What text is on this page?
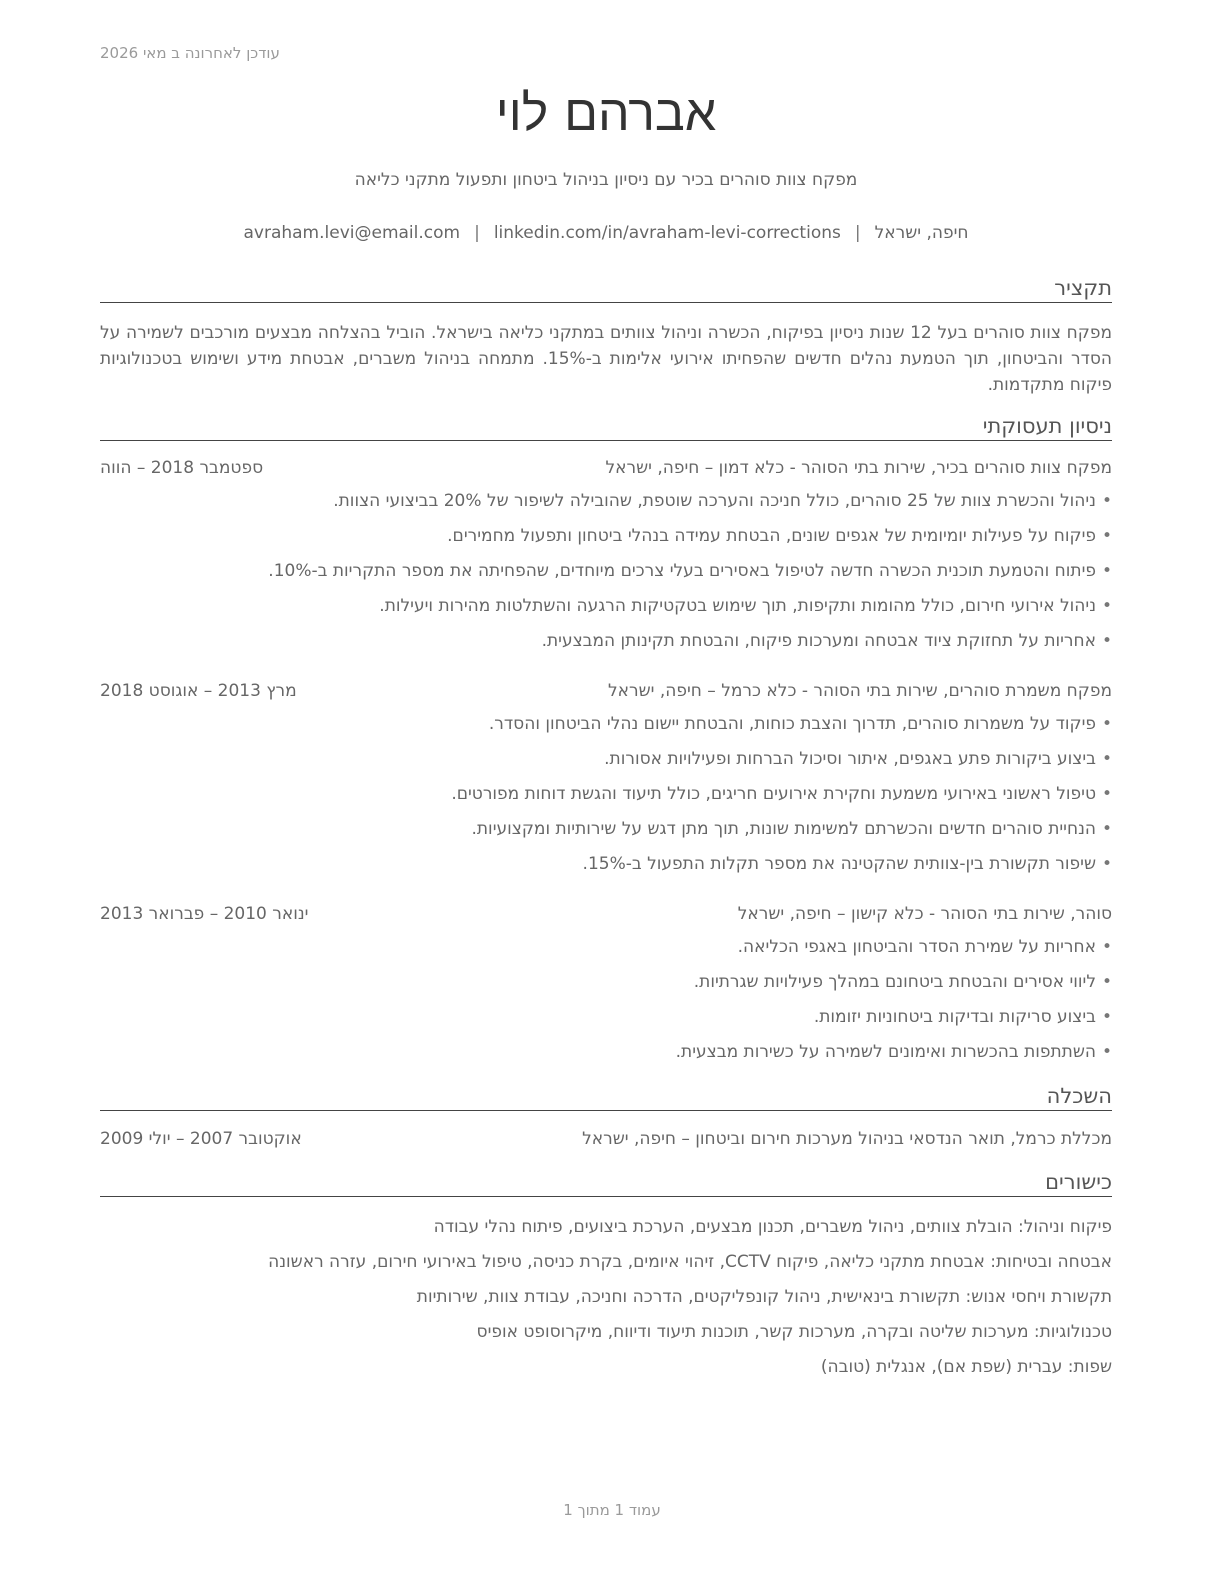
עודכן לאחרונה ב מאי 2026
אברהם לוי
מפקח צוות סוהרים בכיר עם ניסיון בניהול ביטחון ותפעול מתקני כליאה
חיפה, ישראל|avraham.levi@email.com | linkedin.com/in/avraham-levi-corrections
תקציר
מפקח צוות סוהרים בעל 12 שנות ניסיון בפיקוח, הכשרה וניהול צוותים במתקני כליאה בישראל. הוביל בהצלחה מבצעים מורכבים לשמירה על הסדר והביטחון, תוך הטמעת נהלים חדשים שהפחיתו אירועי אלימות ב-15%. מתמחה בניהול משברים, אבטחת מידע ושימוש בטכנולוגיות פיקוח מתקדמות.
ניסיון תעסוקתי
מפקח צוות סוהרים בכיר, שירות בתי הסוהר - כלא דמון – חיפה, ישראל
ספטמבר 2018 – הווה
• ניהול והכשרת צוות של 25 סוהרים, כולל חניכה והערכה שוטפת, שהובילה לשיפור של 20% בביצועי הצוות.
• פיקוח על פעילות יומיומית של אגפים שונים, הבטחת עמידה בנהלי ביטחון ותפעול מחמירים.
• פיתוח והטמעת תוכנית הכשרה חדשה לטיפול באסירים בעלי צרכים מיוחדים, שהפחיתה את מספר התקריות ב-10%.
• ניהול אירועי חירום, כולל מהומות ותקיפות, תוך שימוש בטקטיקות הרגעה והשתלטות מהירות ויעילות.
• אחריות על תחזוקת ציוד אבטחה ומערכות פיקוח, והבטחת תקינותן המבצעית.
מפקח משמרת סוהרים, שירות בתי הסוהר - כלא כרמל – חיפה, ישראל
מרץ 2013 – אוגוסט 2018
• פיקוד על משמרות סוהרים, תדרוך והצבת כוחות, והבטחת יישום נהלי הביטחון והסדר.
• ביצוע ביקורות פתע באגפים, איתור וסיכול הברחות ופעילויות אסורות.
• טיפול ראשוני באירועי משמעת וחקירת אירועים חריגים, כולל תיעוד והגשת דוחות מפורטים.
• הנחיית סוהרים חדשים והכשרתם למשימות שונות, תוך מתן דגש על שירותיות ומקצועיות.
• שיפור תקשורת בין-צוותית שהקטינה את מספר תקלות התפעול ב-15%.
סוהר, שירות בתי הסוהר - כלא קישון – חיפה, ישראל
ינואר 2010 – פברואר 2013
• אחריות על שמירת הסדר והביטחון באגפי הכליאה.
• ליווי אסירים והבטחת ביטחונם במהלך פעילויות שגרתיות.
• ביצוע סריקות ובדיקות ביטחוניות יזומות.
• השתתפות בהכשרות ואימונים לשמירה על כשירות מבצעית.
השכלה
מכללת כרמל, תואר הנדסאי בניהול מערכות חירום וביטחון – חיפה, ישראל
אוקטובר 2007 – יולי 2009
כישורים
פיקוח וניהול: הובלת צוותים, ניהול משברים, תכנון מבצעים, הערכת ביצועים, פיתוח נהלי עבודה
אבטחה ובטיחות: אבטחת מתקני כליאה, פיקוח CCTV, זיהוי איומים, בקרת כניסה, טיפול באירועי חירום, עזרה ראשונה
תקשורת ויחסי אנוש: תקשורת בינאישית, ניהול קונפליקטים, הדרכה וחניכה, עבודת צוות, שירותיות
טכנולוגיות: מערכות שליטה ובקרה, מערכות קשר, תוכנות תיעוד ודיווח, מיקרוסופט אופיס
שפות: עברית (שפת אם), אנגלית (טובה)
עמוד 1 מתוך 1
